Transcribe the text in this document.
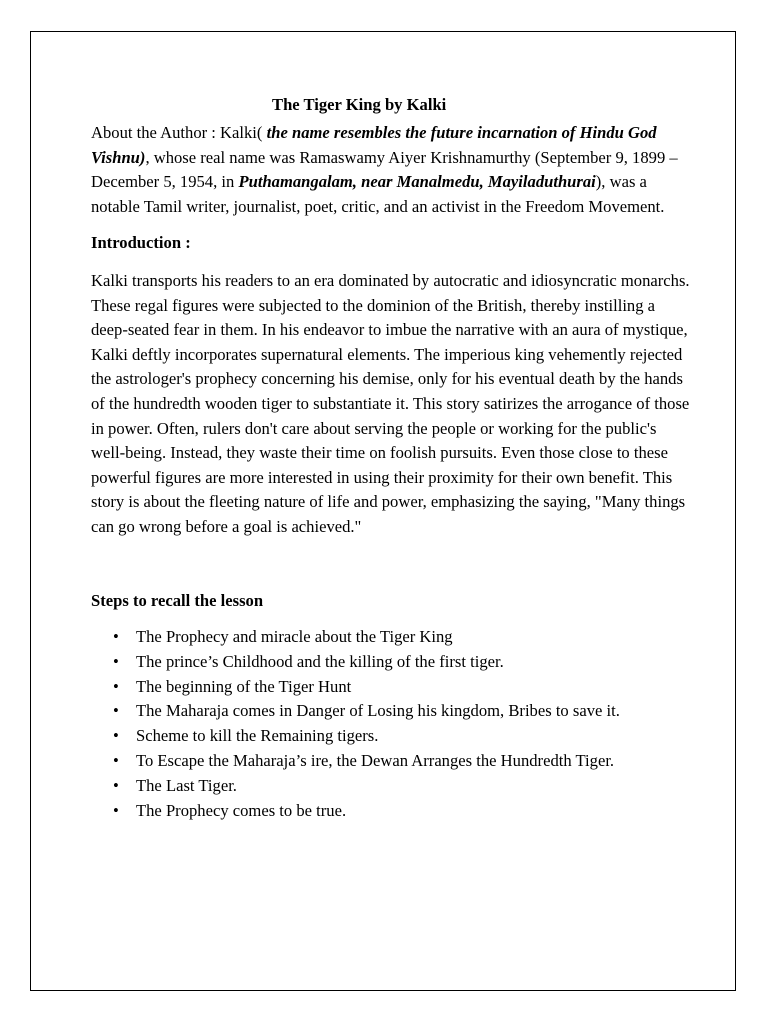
The Tiger King by Kalki

About the Author : Kalki( the name resembles the future incarnation of Hindu God Vishnu), whose real name was Ramaswamy Aiyer Krishnamurthy (September 9, 1899 – December 5, 1954, in Puthamangalam, near Manalmedu, Mayiladuthurai), was a notable Tamil writer, journalist, poet, critic, and an activist in the Freedom Movement.

Introduction :

Kalki transports his readers to an era dominated by autocratic and idiosyncratic monarchs. These regal figures were subjected to the dominion of the British, thereby instilling a deep-seated fear in them. In his endeavor to imbue the narrative with an aura of mystique, Kalki deftly incorporates supernatural elements. The imperious king vehemently rejected the astrologer's prophecy concerning his demise, only for his eventual death by the hands of the hundredth wooden tiger to substantiate it. This story satirizes the arrogance of those in power. Often, rulers don't care about serving the people or working for the public's well-being. Instead, they waste their time on foolish pursuits. Even those close to these powerful figures are more interested in using their proximity for their own benefit. This story is about the fleeting nature of life and power, emphasizing the saying, "Many things can go wrong before a goal is achieved."

Steps to recall the lesson

• The Prophecy and miracle about the Tiger King
• The prince’s Childhood and the killing of the first tiger.
• The beginning of the Tiger Hunt
• The Maharaja comes in Danger of Losing his kingdom, Bribes to save it.
• Scheme to kill the Remaining tigers.
• To Escape the Maharaja’s ire, the Dewan Arranges the Hundredth Tiger.
• The Last Tiger.
• The Prophecy comes to be true.
